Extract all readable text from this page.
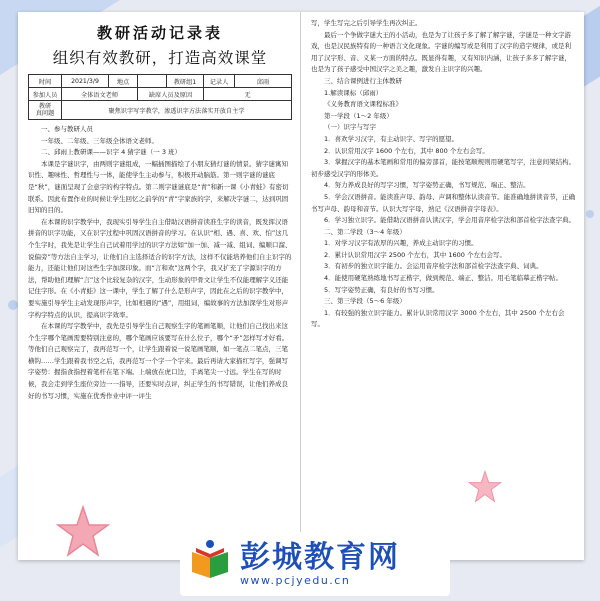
教研活动记录表
组织有效教研，打造高效课堂
时间	2021/3/9	地点		教研组1	记录人	邱雨
参加人员	全体语文老师		缺席人员及原因		无	
教研
真问题	聚焦识字写字教学，渗透识字方法落实开放自主学					

一、参与教研人员

一年级、二年级、三年级全体语文老师。

二、邱雨上教研课——识字 4 猜字谜（一 3 班）

本课是字谜识字，由两则字谜组成，一幅插图描绘了小朋友猜灯谜的情景。猜字谜寓知识性、趣味性、哲理性与一体，能使学生主动参与，积极开动脑筋。第一则字谜的谜底是“秋”，谜面呈现了会意字的构字特点。第二则字谜谜底是“青”和新一课《小青蛙》有密切联系。因此布置作业的时候让学生回忆之前学的“青”字家族的字，来解决字谜二，达到巩固旧知的目的。

在本课的识字教学中，我现实引导学生自主借助汉语拼音读准生字的读音，既发挥汉语拼音的识字功能，又在识字过程中巩固汉语拼音的学习。在认识“相、遇、喜、欢、怕”这几个生字时，我先是让学生自己试着用学过的识字方法如“加一加、减一减、组词、编顺口溜、说偏旁”等方法自主学习，让他们自主选择适合的识字方法，这样不仅能培养他们自主识字的能力，还能让他们对这些生字加深印象。而“言和欢”这两个字，我又扩充了字源识字的方法，帮助他们理解“言”这个比较复杂的汉字，生动形象的甲骨文让学生不仅能理解字义还能记住字形。在《小青蛙》这一课中，学生了解了什么是形声字，因此在之后的识字教学中，要实施引导学生主动发现形声字，比如相遇的“遇”，用组词，编故事的方法加深学生对形声字构字特点的认识，提高识字效率。

在本课的写字教学中，我先是引导学生自己观察生字的笔画笔顺，让他们自己找出来这个生字哪个笔画需要特别注意的，哪个笔画应该要写在什么位子，哪个“矛”怎样写才好看。等他们自己观察完了，我再范写一个，让学生跟着说一说笔画笔顺，如一笔点二笔点，三笔横钩……学生跟着我书空之后，我再范写一个字一个字来。最后再请大家描红写字，强调写字姿势：握指食指捏着笔杆在笔下端。上端放在虎口边，手离笔尖一寸远。学生在写的时候，我会走到学生座位旁边一一指导，还要实时点评，纠正学生的书写错误，让他们养成良好的书写习惯，实施在优秀作业中评一评生

写，学生写完之后引导学生再次纠正。

最后一个争做字谜大王的小活动，也是为了让孩子多了解了解字谜，字谜是一种文字游戏，也是汉民族特有的一种语言文化现象。字谜的编写或是利用了汉字的造字规律，或是利用了汉字形、音、义某一方面的特点。既显得有趣，又有知识内涵，让孩子多多了解字谜，也是为了孩子感受中国汉字之美之趣，激发自主识字的兴趣。

三、结合课例进行主体教研

1.解读课标（邱雨）

《义务教育语文课程标准》

第一学段（1～2 年级）

（一）识字与写字

1．喜欢学习汉字，有主动识字、写字的愿望。

2．认识常用汉字 1600 个左右，其中 800 个左右会写。

3．掌握汉字的基本笔画和常用的偏旁部首，能按笔顺规则用硬笔写字，注意间架结构。初步感受汉字的形体美。

4．努力养成良好的写字习惯，写字姿势正确，书写规范、端正、整洁。

5．学会汉语拼音。能读准声母、韵母、声调和整体认读音节。能准确地拼读音节，正确书写声母、韵母和音节。认识大写字母，熟记《汉语拼音字母表》。

6．学习独立识字。能借助汉语拼音认读汉字，学会用音序检字法和部首检字法查字典。

二、第二学段（3～4 年级）

1．对学习汉字有浓厚的兴趣，养成主动识字的习惯。

2．累计认识常用汉字 2500 个左右，其中 1600 个左右会写。

3．有初步的独立识字能力。会运用音序检字法和部首检字法查字典、词典。

4．能使用硬笔熟练地书写正楷字，做到规范、端正、整洁。用毛笔临摹正楷字帖。

5．写字姿势正确，有良好的书写习惯。

三、第三学段（5～6 年级）

1．有较强的独立识字能力。累计认识常用汉字 3000 个左右，其中 2500 个左右会写。

彭城教育网
www.pcjyedu.cn
